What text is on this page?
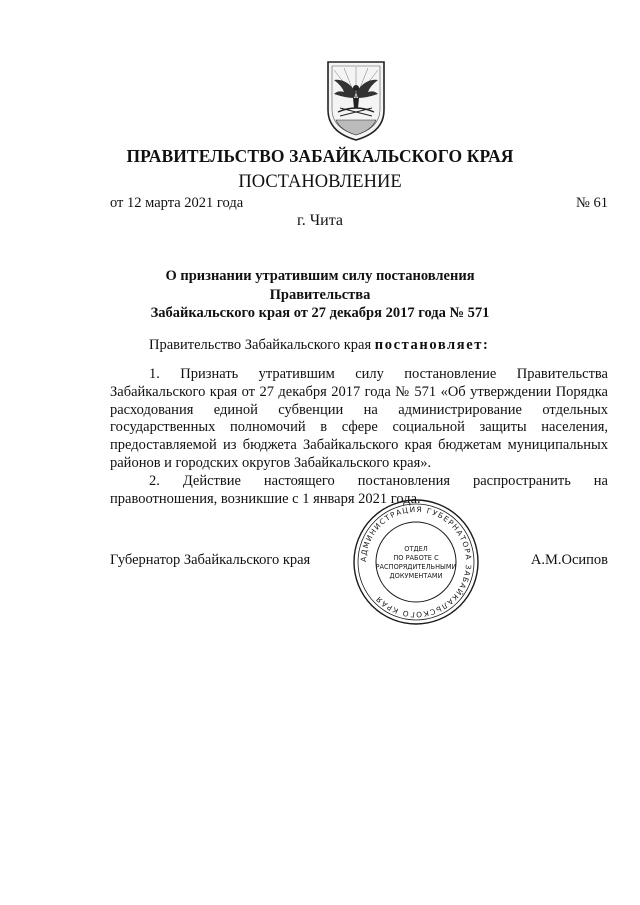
ПРАВИТЕЛЬСТВО ЗАБАЙКАЛЬСКОГО КРАЯ
ПОСТАНОВЛЕНИЕ
от 12 марта 2021 года	№ 61
г. Чита
О признании утратившим силу постановления Правительства
Забайкальского края от 27 декабря 2017 года № 571
Правительство Забайкальского края постановляет:

1. Признать утратившим силу постановление Правительства Забайкальского края от 27 декабря 2017 года № 571 «Об утверждении Порядка расходования единой субвенции на администрирование отдельных государственных полномочий в сфере социальной защиты населения, предоставляемой из бюджета Забайкальского края бюджетам муниципальных районов и городских округов Забайкальского края».

2. Действие настоящего постановления распространить на правоотношения, возникшие с 1 января 2021 года.

Губернатор Забайкальского края	А.М.Осипов
АДМИНИСТРАЦИЯ ГУБЕРНАТОРА ЗАБАЙКАЛЬСКОГО КРАЯ
ОТДЕЛ
ПО РАБОТЕ С
РАСПОРЯДИТЕЛЬНЫМИ
ДОКУМЕНТАМИ
